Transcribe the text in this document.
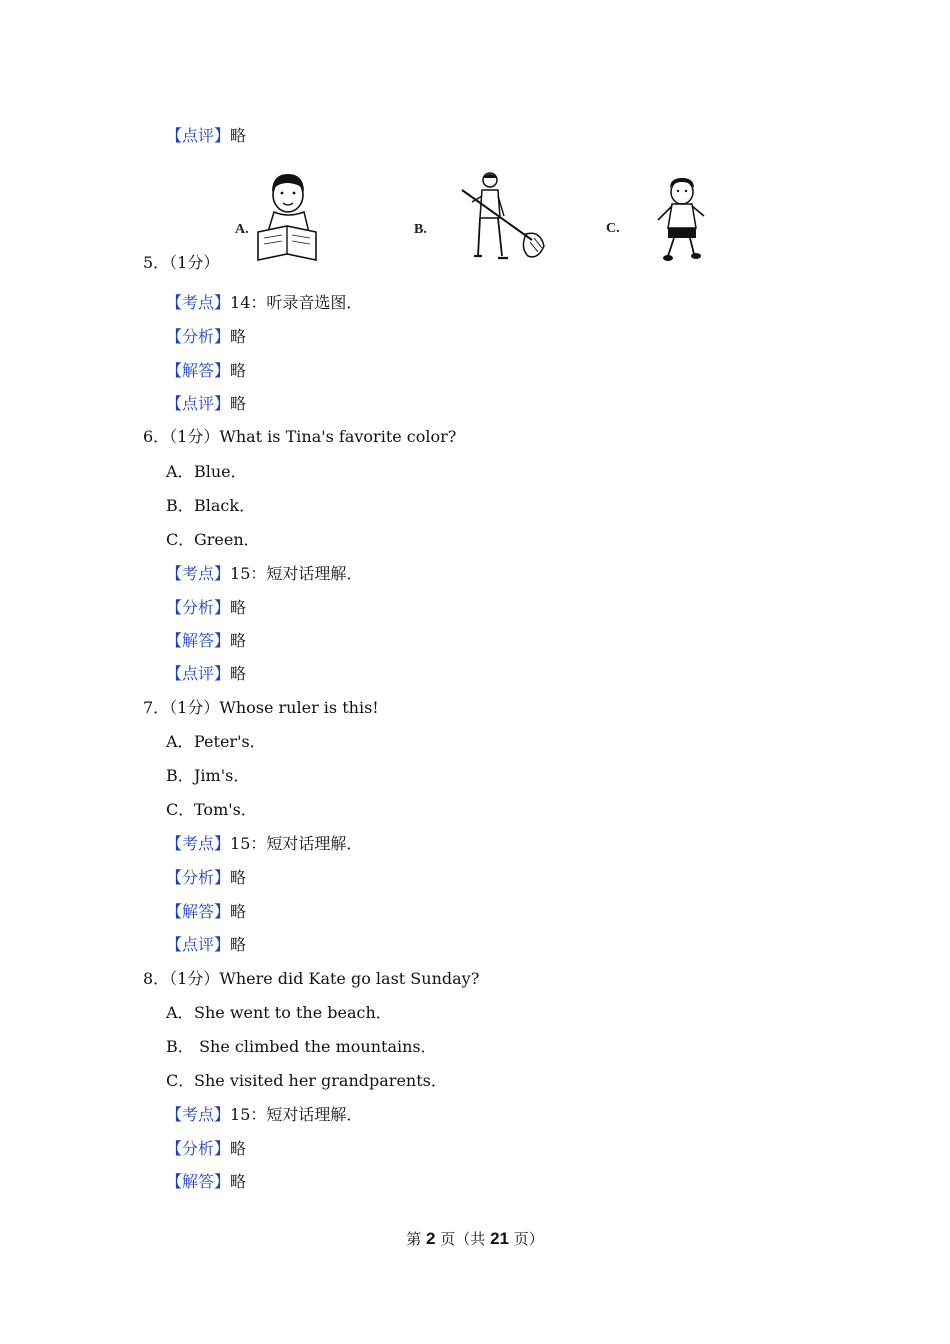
【点评】略
A.	B.	C.
5．（1分）
【考点】14：听录音选图．
【分析】略
【解答】略
【点评】略
6．（1分）What is Tina's favorite color?
A．Blue．
B．Black．
C．Green．
【考点】15：短对话理解．
【分析】略
【解答】略
【点评】略
7．（1分）Whose ruler is this!
A．Peter's．
B．Jim's．
C．Tom's．
【考点】15：短对话理解．
【分析】略
【解答】略
【点评】略
8．（1分）Where did Kate go last Sunday?
A．She went to the beach．
B． She climbed the mountains．
C．She visited her grandparents．
【考点】15：短对话理解．
【分析】略
【解答】略
第 2 页（共 21 页）
